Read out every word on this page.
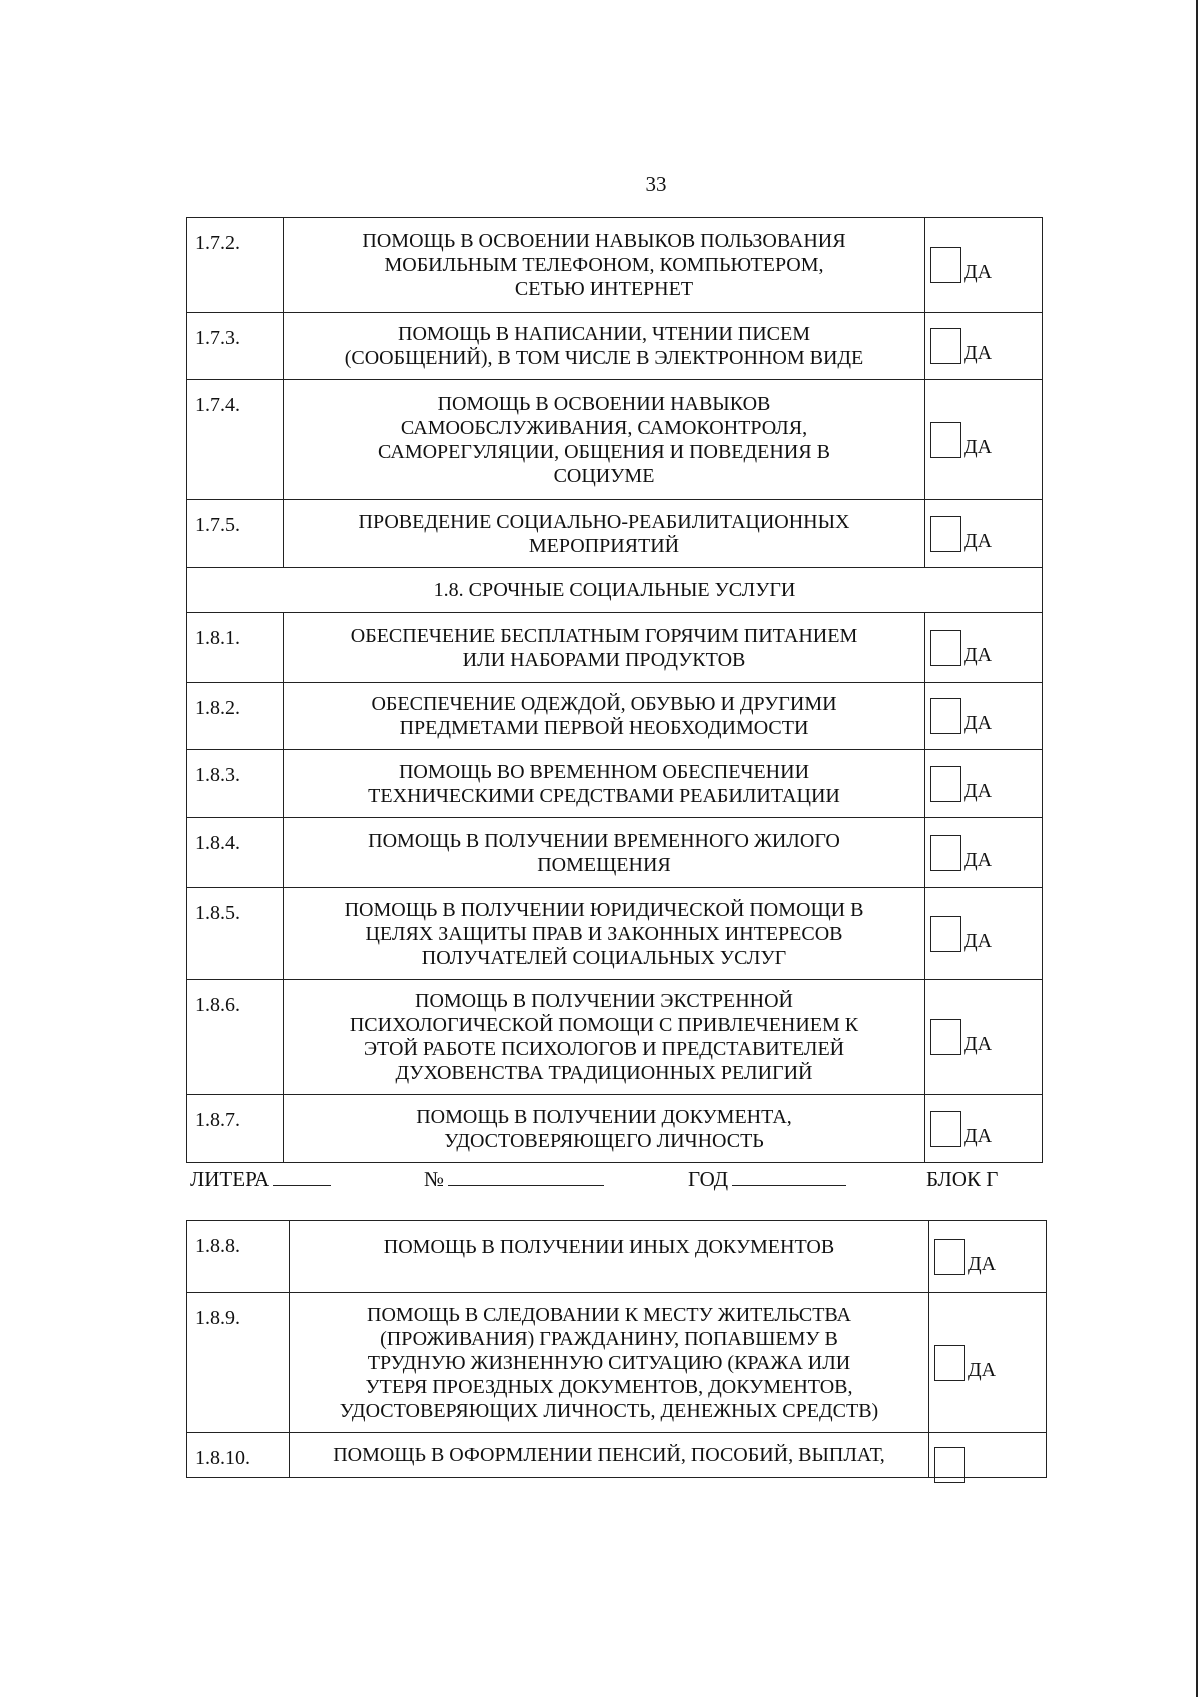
33
1.7.2.	ПОМОЩЬ В ОСВОЕНИИ НАВЫКОВ ПОЛЬЗОВАНИЯ
МОБИЛЬНЫМ ТЕЛЕФОНОМ, КОМПЬЮТЕРОМ,
СЕТЬЮ ИНТЕРНЕТ	ДА

1.7.3.	ПОМОЩЬ В НАПИСАНИИ, ЧТЕНИИ ПИСЕМ
(СООБЩЕНИЙ), В ТОМ ЧИСЛЕ В ЭЛЕКТРОННОМ ВИДЕ	ДА

1.7.4.	ПОМОЩЬ В ОСВОЕНИИ НАВЫКОВ
САМООБСЛУЖИВАНИЯ, САМОКОНТРОЛЯ,
САМОРЕГУЛЯЦИИ, ОБЩЕНИЯ И ПОВЕДЕНИЯ В
СОЦИУМЕ	ДА

1.7.5.	ПРОВЕДЕНИЕ СОЦИАЛЬНО-РЕАБИЛИТАЦИОННЫХ
МЕРОПРИЯТИЙ	ДА

1.8. СРОЧНЫЕ СОЦИАЛЬНЫЕ УСЛУГИ		
1.8.1.	ОБЕСПЕЧЕНИЕ БЕСПЛАТНЫМ ГОРЯЧИМ ПИТАНИЕМ
ИЛИ НАБОРАМИ ПРОДУКТОВ	ДА

1.8.2.	ОБЕСПЕЧЕНИЕ ОДЕЖДОЙ, ОБУВЬЮ И ДРУГИМИ
ПРЕДМЕТАМИ ПЕРВОЙ НЕОБХОДИМОСТИ	ДА

1.8.3.	ПОМОЩЬ ВО ВРЕМЕННОМ ОБЕСПЕЧЕНИИ
ТЕХНИЧЕСКИМИ СРЕДСТВАМИ РЕАБИЛИТАЦИИ	ДА

1.8.4.	ПОМОЩЬ В ПОЛУЧЕНИИ ВРЕМЕННОГО ЖИЛОГО
ПОМЕЩЕНИЯ	ДА

1.8.5.	ПОМОЩЬ В ПОЛУЧЕНИИ ЮРИДИЧЕСКОЙ ПОМОЩИ В
ЦЕЛЯХ ЗАЩИТЫ ПРАВ И ЗАКОННЫХ ИНТЕРЕСОВ
ПОЛУЧАТЕЛЕЙ СОЦИАЛЬНЫХ УСЛУГ	ДА

1.8.6.	ПОМОЩЬ В ПОЛУЧЕНИИ ЭКСТРЕННОЙ
ПСИХОЛОГИЧЕСКОЙ ПОМОЩИ С ПРИВЛЕЧЕНИЕМ К
ЭТОЙ РАБОТЕ ПСИХОЛОГОВ И ПРЕДСТАВИТЕЛЕЙ
ДУХОВЕНСТВА ТРАДИЦИОННЫХ РЕЛИГИЙ	ДА

1.8.7.	ПОМОЩЬ В ПОЛУЧЕНИИ ДОКУМЕНТА,
УДОСТОВЕРЯЮЩЕГО ЛИЧНОСТЬ	ДА
ЛИТЕРА	№	ГОД	БЛОК Г
1.8.8.	ПОМОЩЬ В ПОЛУЧЕНИИ ИНЫХ ДОКУМЕНТОВ	ДА

1.8.9.	ПОМОЩЬ В СЛЕДОВАНИИ К МЕСТУ ЖИТЕЛЬСТВА
(ПРОЖИВАНИЯ) ГРАЖДАНИНУ, ПОПАВШЕМУ В
ТРУДНУЮ ЖИЗНЕННУЮ СИТУАЦИЮ (КРАЖА ИЛИ
УТЕРЯ ПРОЕЗДНЫХ ДОКУМЕНТОВ, ДОКУМЕНТОВ,
УДОСТОВЕРЯЮЩИХ ЛИЧНОСТЬ, ДЕНЕЖНЫХ СРЕДСТВ)	ДА

1.8.10.	ПОМОЩЬ В ОФОРМЛЕНИИ ПЕНСИЙ, ПОСОБИЙ, ВЫПЛАТ,	
